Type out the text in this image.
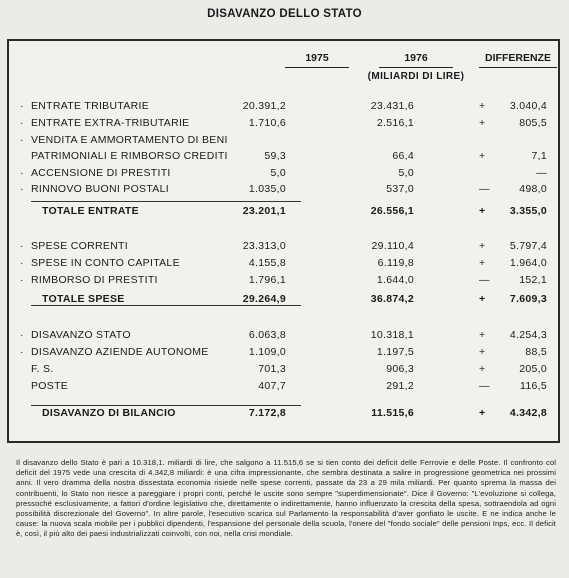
DISAVANZO DELLO STATO
1975	1976	DIFFERENZE
(MILIARDI DI LIRE)
· ENTRATE TRIBUTARIE	20.391,2	23.431,6	+ 3.040,4
· ENTRATE EXTRA-TRIBUTARIE	1.710,6	2.516,1	+	805,5
· VENDITA E AMMORTAMENTO DI BENI
PATRIMONIALI E RIMBORSO CREDITI	59,3	66,4	+	7,1
· ACCENSIONE DI PRESTITI	5,0	5,0	—
· RINNOVO BUONI POSTALI	1.035,0	537,0	—	498,0
TOTALE ENTRATE	23.201,1	26.556,1	+ 3.355,0
· SPESE CORRENTI	23.313,0	29.110,4	+ 5.797,4
· SPESE IN CONTO CAPITALE	4.155,8	6.119,8	+ 1.964,0
· RIMBORSO DI PRESTITI	1.796,1	1.644,0	—	152,1
TOTALE SPESE	29.264,9	36.874,2	+ 7.609,3
· DISAVANZO STATO	6.063,8	10.318,1	+ 4.254,3
· DISAVANZO AZIENDE AUTONOME	1.109,0	1.197,5	+	88,5
F. S.	701,3	906,3	+	205,0
POSTE	407,7	291,2	—	116,5
DISAVANZO DI BILANCIO	7.172,8	11.515,6	+ 4.342,8
Il disavanzo dello Stato è pari a 10.318,1. miliardi di lire, che salgono a 11.515,6 se si tien conto dei deficit delle Ferrovie e delle Poste. Il confronto col deficit del 1975 vede una crescita di 4.342,8 miliardi: è una cifra impressionante, che sembra destinata a salire in progressione geometrica nei prossimi anni. Il vero dramma della nostra dissestata economia risiede nelle spese correnti, passate da 23 a 29 mila miliardi. Per quanto sprema la massa dei contribuenti, lo Stato non riesce a pareggiare i propri conti, perché le uscite sono sempre "superdimensionate". Dice il Governo: "L'evoluzione si collega, pressoché esclusivamente, a fattori d'ordine legislativo che, direttamente o indirettamente, hanno influenzato la crescita della spesa, sottraendola ad ogni possibilità discrezionale del Governo". In altre parole, l'esecutivo scarica sul Parlamento la responsabilità d'aver gonfiato le uscite. E ne indica anche le cause: la nuova scala mobile per i pubblici dipendenti, l'espansione del personale della scuola, l'onere del "fondo sociale" delle pensioni Inps, ecc. Il deficit è, così, il più alto dei paesi industrializzati coinvolti, con noi, nella crisi mondiale.
